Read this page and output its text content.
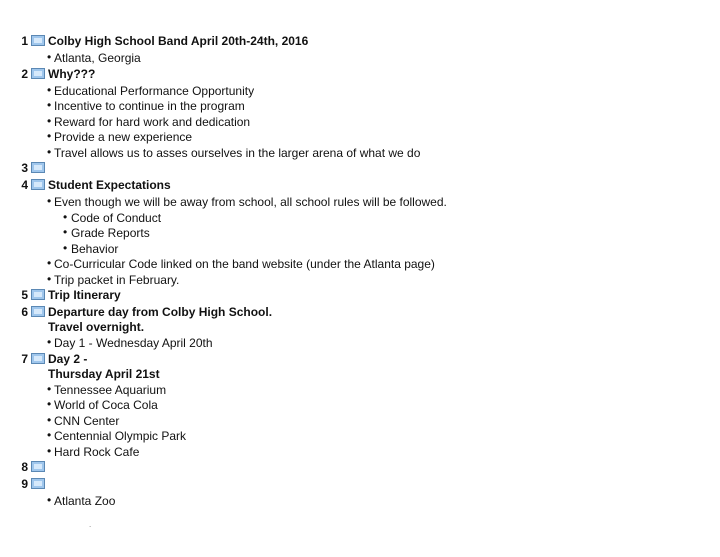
1 Colby High School Band April 20th-24th, 2016
• Atlanta, Georgia
2 Why???
• Educational Performance Opportunity
• Incentive to continue in the program
• Reward for hard work and dedication
• Provide a new experience
• Travel allows us to asses ourselves in the larger arena of what we do
3
4 Student Expectations
• Even though we will be away from school, all school rules will be followed.
• Code of Conduct
• Grade Reports
• Behavior
• Co-Curricular Code linked on the band website (under the Atlanta page)
• Trip packet in February.
5 Trip Itinerary
6 Departure day from Colby High School.
Travel overnight.
• Day 1 - Wednesday April 20th
7 Day 2 -
Thursday April 21st
• Tennessee Aquarium
• World of Coca Cola
• CNN Center
• Centennial Olympic Park
• Hard Rock Cafe
8
9
• Atlanta Zoo
.
